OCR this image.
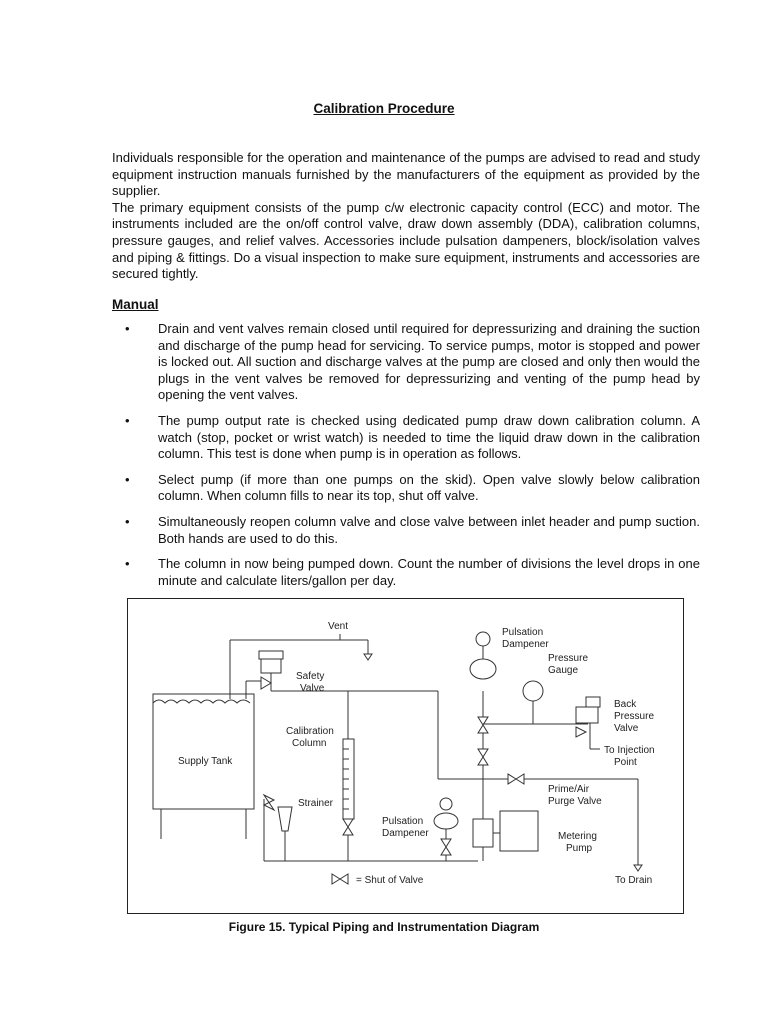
Calibration Procedure

Individuals responsible for the operation and maintenance of the pumps are advised to read and study equipment instruction manuals furnished by the manufacturers of the equipment as provided by the supplier.

The primary equipment consists of the pump c/w electronic capacity control (ECC) and motor. The instruments included are the on/off control valve, draw down assembly (DDA), calibration columns, pressure gauges, and relief valves. Accessories include pulsation dampeners, block/isolation valves and piping & fittings. Do a visual inspection to make sure equipment, instruments and accessories are secured tightly.

Manual
• Drain and vent valves remain closed until required for depressurizing and draining the suction and discharge of the pump head for servicing. To service pumps, motor is stopped and power is locked out. All suction and discharge valves at the pump are closed and only then would the plugs in the vent valves be removed for depressurizing and venting of the pump head by opening the vent valves.
• The pump output rate is checked using dedicated pump draw down calibration column. A watch (stop, pocket or wrist watch) is needed to time the liquid draw down in the calibration column. This test is done when pump is in operation as follows.
• Select pump (if more than one pumps on the skid). Open valve slowly below calibration column. When column fills to near its top, shut off valve.
• Simultaneously reopen column valve and close valve between inlet header and pump suction. Both hands are used to do this.
• The column in now being pumped down. Count the number of divisions the level drops in one minute and calculate liters/gallon per day.
Vent
Safety
Valve
Supply Tank
Calibration
Column
Strainer
Pulsation
Dampener
Pulsation
Dampener
Pressure
Gauge
Back
Pressure
Valve
To Injection
Point
Prime/Air
Purge Valve
Metering
Pump
= Shut of Valve	To Drain
Figure 15. Typical Piping and Instrumentation Diagram
